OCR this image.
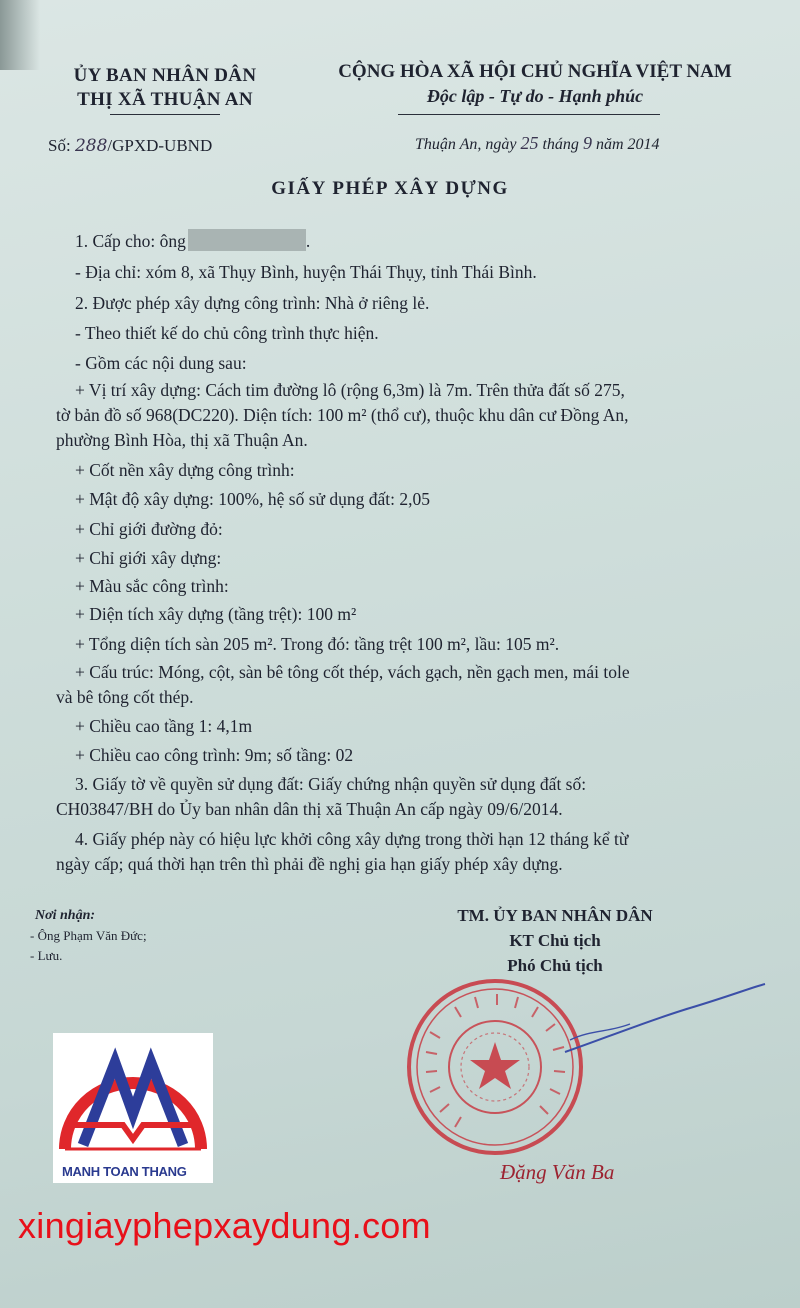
ỦY BAN NHÂN DÂN
THỊ XÃ THUẬN AN
CỘNG HÒA XÃ HỘI CHỦ NGHĨA VIỆT NAM
Độc lập - Tự do - Hạnh phúc
Số: 288/GPXD-UBND	Thuận An, ngày 25 tháng 9 năm 2014
GIẤY PHÉP XÂY DỰNG
1. Cấp cho: ông	.
- Địa chỉ: xóm 8, xã Thụy Bình, huyện Thái Thụy, tỉnh Thái Bình.
2. Được phép xây dựng công trình: Nhà ở riêng lẻ.
- Theo thiết kế do chủ công trình thực hiện.
- Gồm các nội dung sau:
+ Vị trí xây dựng: Cách tim đường lô (rộng 6,3m) là 7m. Trên thửa đất số 275,
tờ bản đồ số 968(DC220). Diện tích: 100 m² (thổ cư), thuộc khu dân cư Đồng An,
phường Bình Hòa, thị xã Thuận An.
+ Cốt nền xây dựng công trình:
+ Mật độ xây dựng: 100%, hệ số sử dụng đất: 2,05
+ Chỉ giới đường đỏ:
+ Chỉ giới xây dựng:
+ Màu sắc công trình:
+ Diện tích xây dựng (tầng trệt): 100 m²
+ Tổng diện tích sàn 205 m². Trong đó: tầng trệt 100 m², lầu: 105 m².
+ Cấu trúc: Móng, cột, sàn bê tông cốt thép, vách gạch, nền gạch men, mái tole
và bê tông cốt thép.
+ Chiều cao tầng 1: 4,1m
+ Chiều cao công trình: 9m; số tầng: 02
3. Giấy tờ về quyền sử dụng đất: Giấy chứng nhận quyền sử dụng đất số:
CH03847/BH do Ủy ban nhân dân thị xã Thuận An cấp ngày 09/6/2014.
4. Giấy phép này có hiệu lực khởi công xây dựng trong thời hạn 12 tháng kể từ
ngày cấp; quá thời hạn trên thì phải đề nghị gia hạn giấy phép xây dựng.
Nơi nhận:
- Ông Phạm Văn Đức;
- Lưu.
TM. ỦY BAN NHÂN DÂN
KT Chủ tịch
Phó Chủ tịch
Đặng Văn Ba
MANH TOAN THANG
xingiayphepxaydung.com
